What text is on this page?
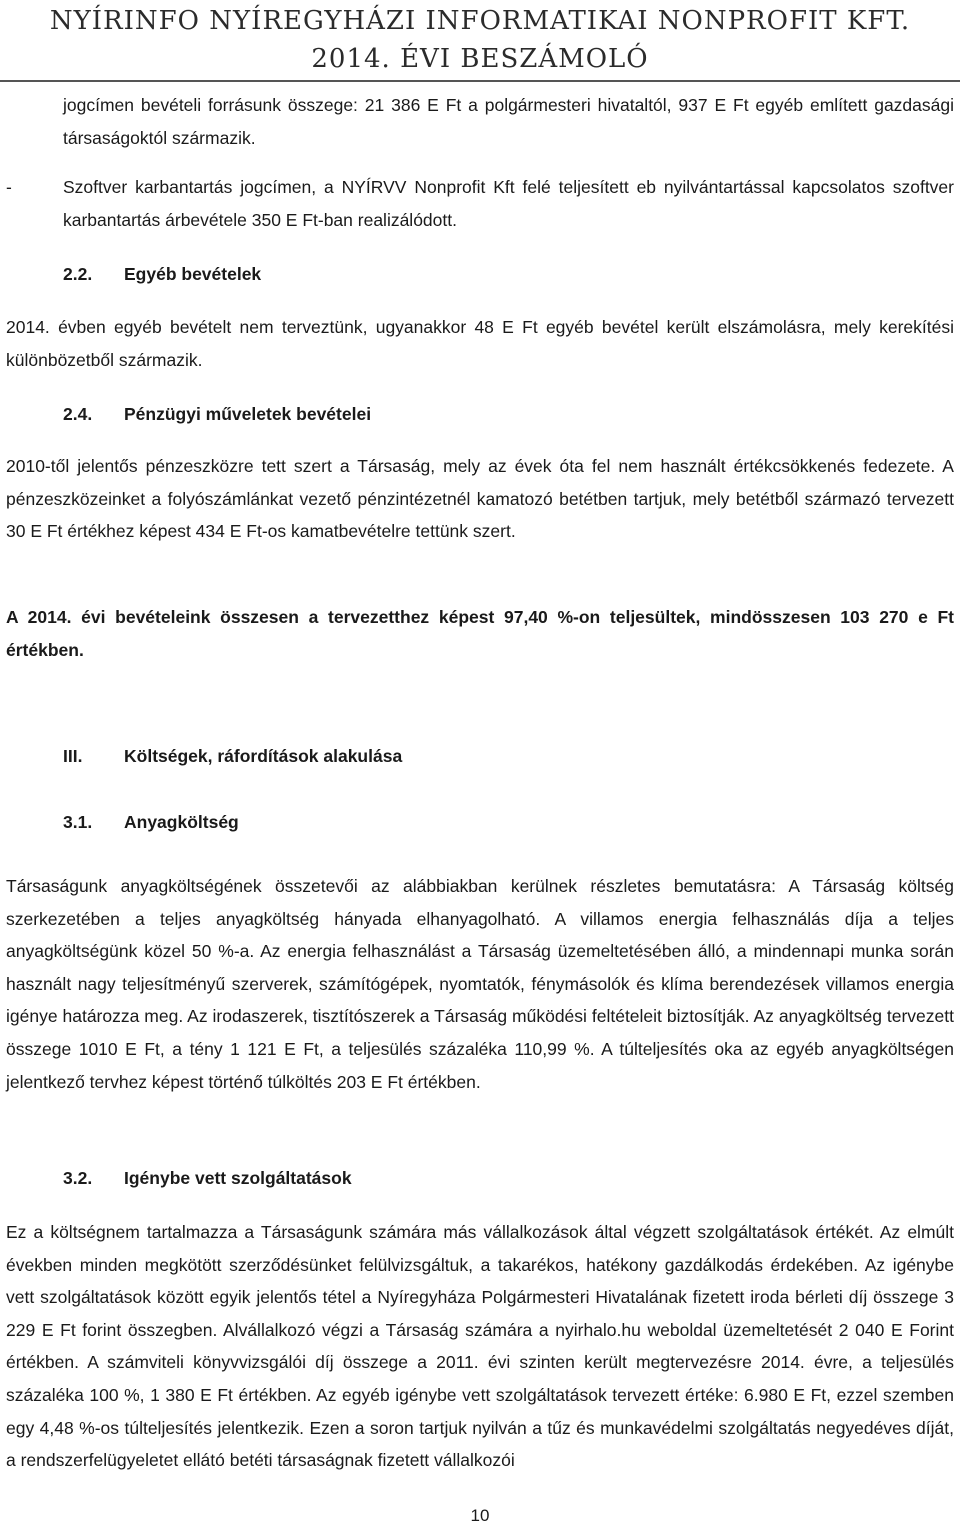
NYÍRINFO NYÍREGYHÁZI INFORMATIKAI NONPROFIT KFT.
2014. ÉVI BESZÁMOLÓ
jogcímen bevételi forrásunk összege: 21 386 E Ft a polgármesteri hivataltól, 937 E Ft egyéb említett gazdasági társaságoktól származik.
-	Szoftver karbantartás jogcímen, a NYÍRVV Nonprofit Kft felé teljesített eb nyilvántartással kapcsolatos szoftver karbantartás árbevétele 350 E Ft-ban realizálódott.
2.2. Egyéb bevételek
2014. évben egyéb bevételt nem terveztünk, ugyanakkor 48 E Ft egyéb bevétel került elszámolásra, mely kerekítési különbözetből származik.
2.4. Pénzügyi műveletek bevételei
2010-től jelentős pénzeszközre tett szert a Társaság, mely az évek óta fel nem használt értékcsökkenés fedezete. A pénzeszközeinket a folyószámlánkat vezető pénzintézetnél kamatozó betétben tartjuk, mely betétből származó tervezett 30 E Ft értékhez képest 434 E Ft-os kamatbevételre tettünk szert.
A 2014. évi bevételeink összesen a tervezetthez képest 97,40 %-on teljesültek, mindösszesen 103 270 e Ft értékben.
III. Költségek, ráfordítások alakulása
3.1. Anyagköltség
Társaságunk anyagköltségének összetevői az alábbiakban kerülnek részletes bemutatásra: A Társaság költség szerkezetében a teljes anyagköltség hányada elhanyagolható. A villamos energia felhasználás díja a teljes anyagköltségünk közel 50 %-a. Az energia felhasználást a Társaság üzemeltetésében álló, a mindennapi munka során használt nagy teljesítményű szerverek, számítógépek, nyomtatók, fénymásolók és klíma berendezések villamos energia igénye határozza meg. Az irodaszerek, tisztítószerek a Társaság működési feltételeit biztosítják. Az anyagköltség tervezett összege 1010 E Ft, a tény 1 121 E Ft, a teljesülés százaléka 110,99 %. A túlteljesítés oka az egyéb anyagköltségen jelentkező tervhez képest történő túlköltés 203 E Ft értékben.
3.2. Igénybe vett szolgáltatások
Ez a költségnem tartalmazza a Társaságunk számára más vállalkozások által végzett szolgáltatások értékét. Az elmúlt években minden megkötött szerződésünket felülvizsgáltuk, a takarékos, hatékony gazdálkodás érdekében. Az igénybe vett szolgáltatások között egyik jelentős tétel a Nyíregyháza Polgármesteri Hivatalának fizetett iroda bérleti díj összege 3 229 E Ft forint összegben. Alvállalkozó végzi a Társaság számára a nyirhalo.hu weboldal üzemeltetését 2 040 E Forint értékben. A számviteli könyvvizsgálói díj összege a 2011. évi szinten került megtervezésre 2014. évre, a teljesülés százaléka 100 %, 1 380 E Ft értékben. Az egyéb igénybe vett szolgáltatások tervezett értéke: 6.980 E Ft, ezzel szemben egy 4,48 %-os túlteljesítés jelentkezik. Ezen a soron tartjuk nyilván a tűz és munkavédelmi szolgáltatás negyedéves díját, a rendszerfelügyeletet ellátó betéti társaságnak fizetett vállalkozói
10
